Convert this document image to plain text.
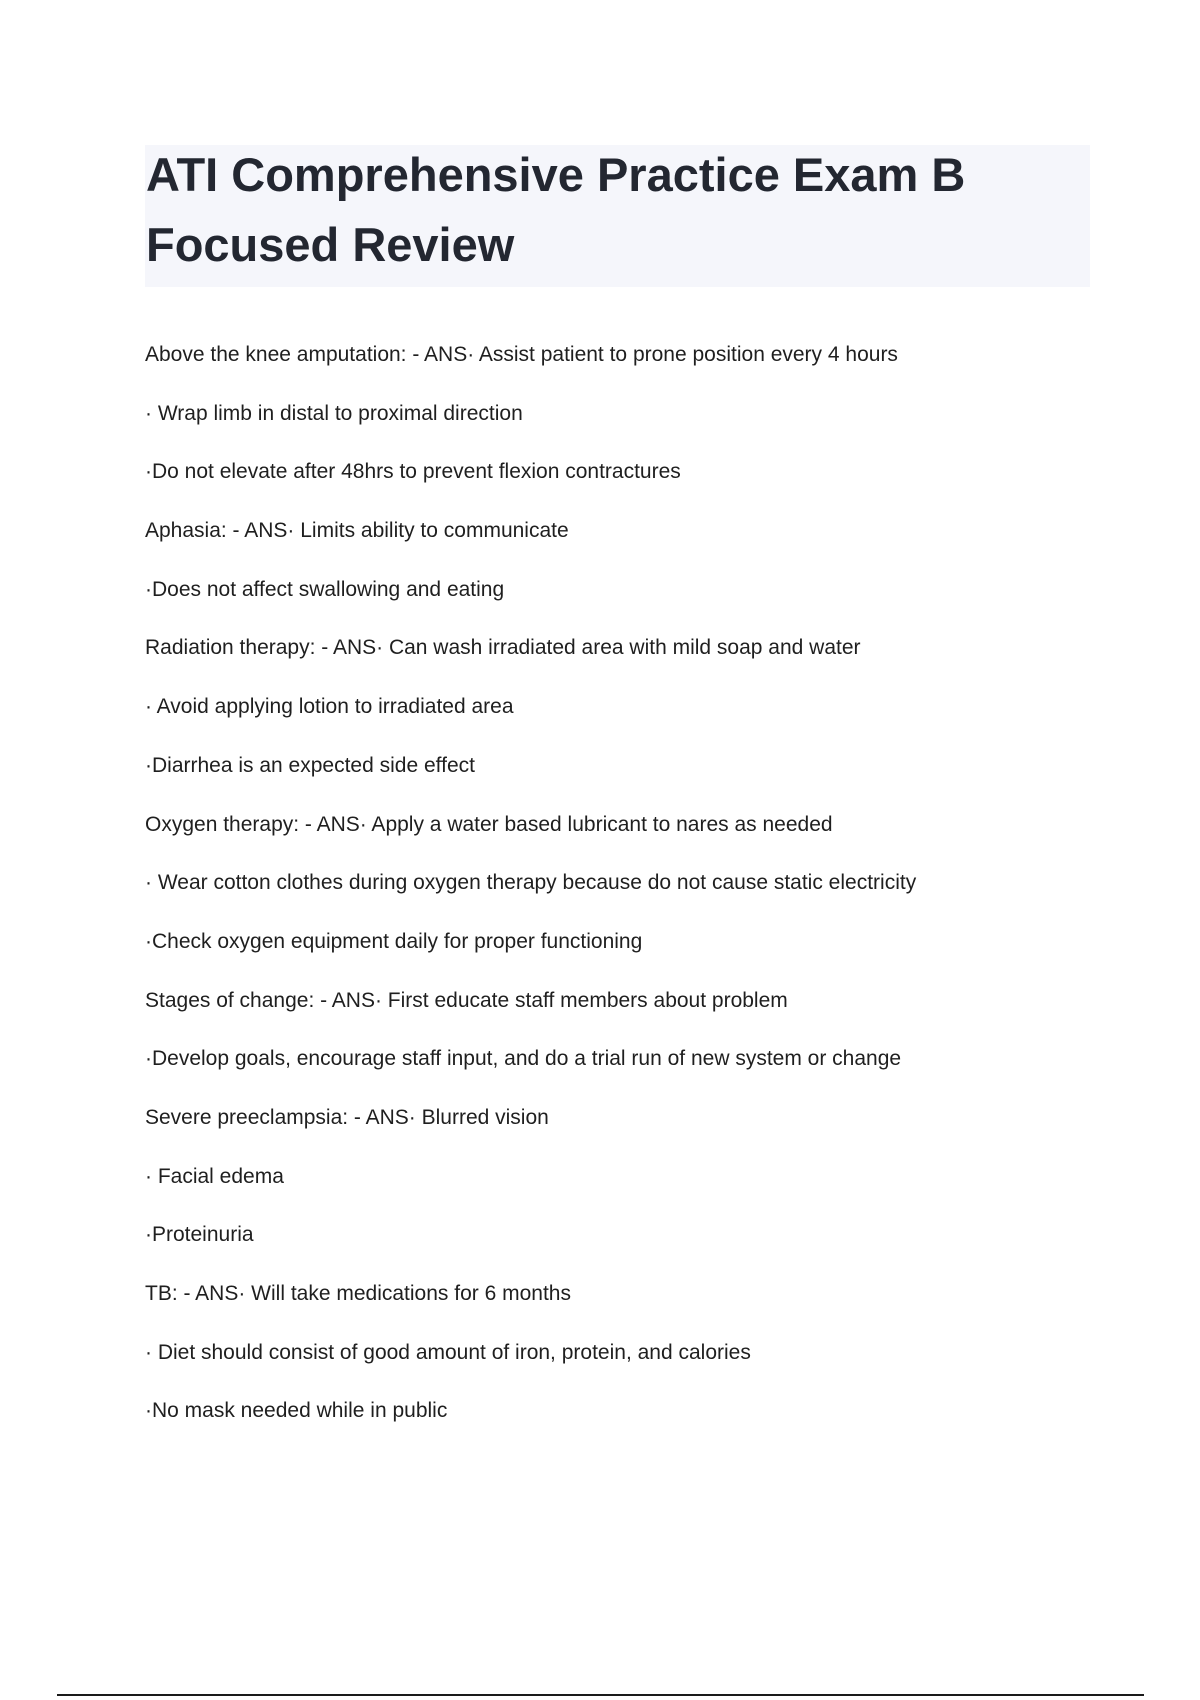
ATI Comprehensive Practice Exam B
Focused Review
Above the knee amputation: - ANS· Assist patient to prone position every 4 hours
· Wrap limb in distal to proximal direction
·Do not elevate after 48hrs to prevent flexion contractures
Aphasia: - ANS· Limits ability to communicate
·Does not affect swallowing and eating
Radiation therapy: - ANS· Can wash irradiated area with mild soap and water
· Avoid applying lotion to irradiated area
·Diarrhea is an expected side effect
Oxygen therapy: - ANS· Apply a water based lubricant to nares as needed
· Wear cotton clothes during oxygen therapy because do not cause static electricity
·Check oxygen equipment daily for proper functioning
Stages of change: - ANS· First educate staff members about problem
·Develop goals, encourage staff input, and do a trial run of new system or change
Severe preeclampsia: - ANS· Blurred vision
· Facial edema
·Proteinuria
TB: - ANS· Will take medications for 6 months
· Diet should consist of good amount of iron, protein, and calories
·No mask needed while in public
